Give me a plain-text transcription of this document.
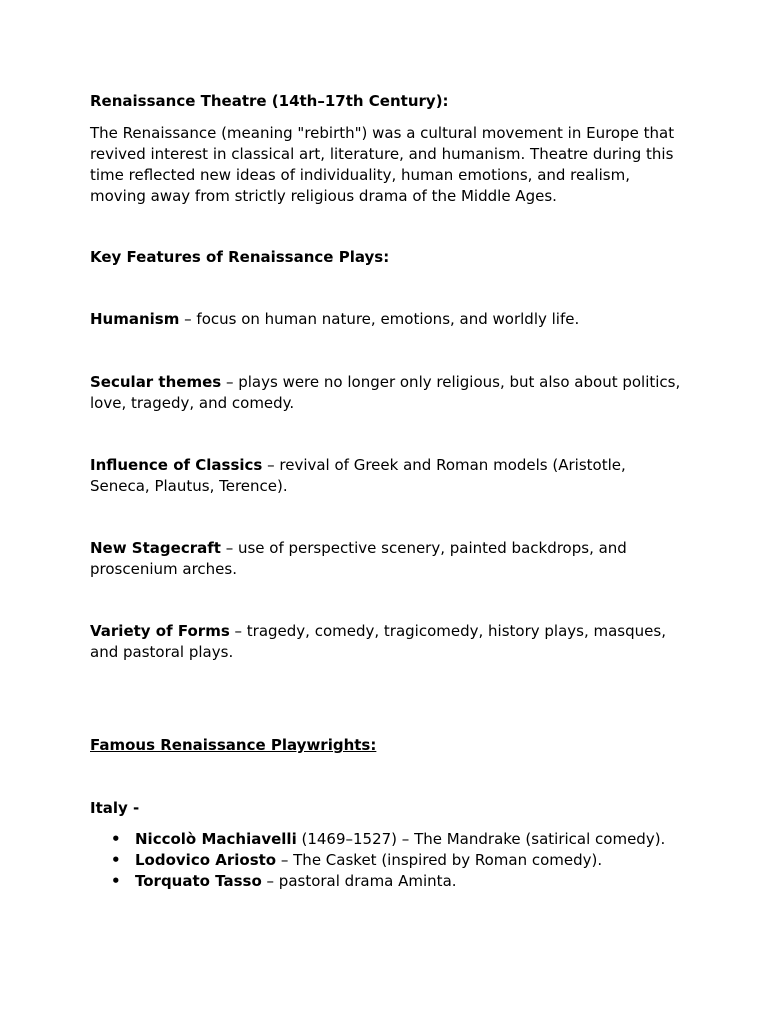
Renaissance Theatre (14th–17th Century):

The Renaissance (meaning "rebirth") was a cultural movement in Europe that revived interest in classical art, literature, and humanism. Theatre during this time reflected new ideas of individuality, human emotions, and realism, moving away from strictly religious drama of the Middle Ages.

Key Features of Renaissance Plays:

Humanism – focus on human nature, emotions, and worldly life.

Secular themes – plays were no longer only religious, but also about politics, love, tragedy, and comedy.

Influence of Classics – revival of Greek and Roman models (Aristotle, Seneca, Plautus, Terence).

New Stagecraft – use of perspective scenery, painted backdrops, and proscenium arches.

Variety of Forms – tragedy, comedy, tragicomedy, history plays, masques, and pastoral plays.

Famous Renaissance Playwrights:

Italy -

• Niccolò Machiavelli (1469–1527) – The Mandrake (satirical comedy).
• Lodovico Ariosto – The Casket (inspired by Roman comedy).
• Torquato Tasso – pastoral drama Aminta.
